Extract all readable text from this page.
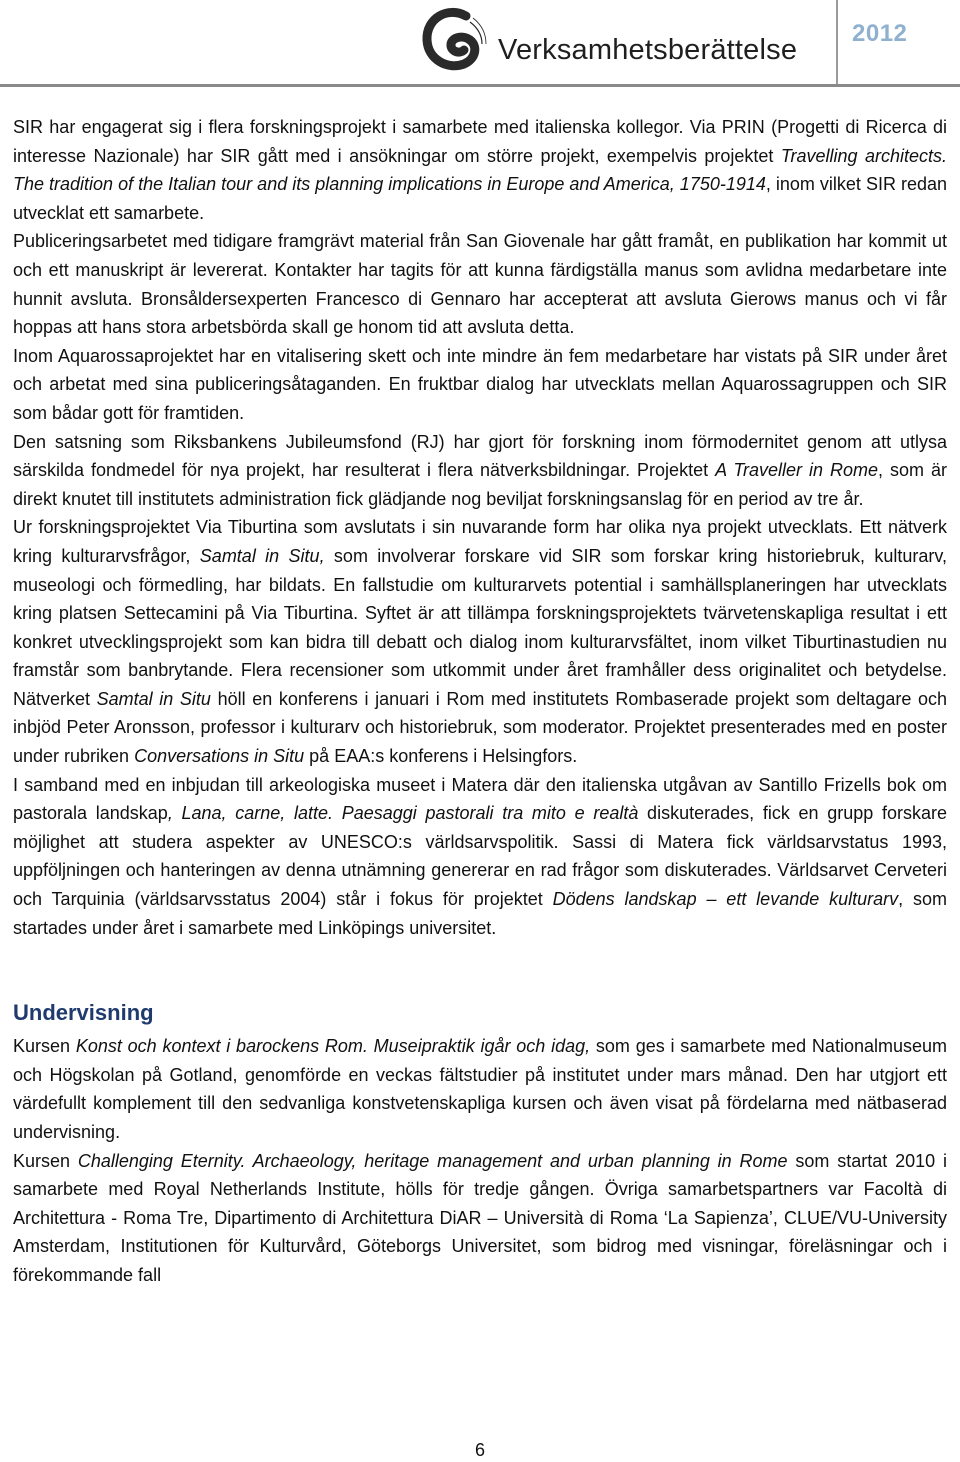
Verksamhetsberättelse
2012

SIR har engagerat sig i flera forskningsprojekt i samarbete med italienska kollegor. Via PRIN (Progetti di Ricerca di interesse Nazionale) har SIR gått med i ansökningar om större projekt, exempelvis projektet Travelling architects. The tradition of the Italian tour and its planning implications in Europe and America, 1750-1914, inom vilket SIR redan utvecklat ett samarbete.

Publiceringsarbetet med tidigare framgrävt material från San Giovenale har gått framåt, en publikation har kommit ut och ett manuskript är levererat. Kontakter har tagits för att kunna färdigställa manus som avlidna medarbetare inte hunnit avsluta. Bronsåldersexperten Francesco di Gennaro har accepterat att avsluta Gierows manus och vi får hoppas att hans stora arbetsbörda skall ge honom tid att avsluta detta.

Inom Aquarossaprojektet har en vitalisering skett och inte mindre än fem medarbetare har vistats på SIR under året och arbetat med sina publiceringsåtaganden. En fruktbar dialog har utvecklats mellan Aquarossagruppen och SIR som bådar gott för framtiden.

Den satsning som Riksbankens Jubileumsfond (RJ) har gjort för forskning inom förmodernitet genom att utlysa särskilda fondmedel för nya projekt, har resulterat i flera nätverksbildningar. Projektet A Traveller in Rome, som är direkt knutet till institutets administration fick glädjande nog beviljat forskningsanslag för en period av tre år.

Ur forskningsprojektet Via Tiburtina som avslutats i sin nuvarande form har olika nya projekt utvecklats. Ett nätverk kring kulturarvsfrågor, Samtal in Situ, som involverar forskare vid SIR som forskar kring historiebruk, kulturarv, museologi och förmedling, har bildats. En fallstudie om kulturarvets potential i samhällsplaneringen har utvecklats kring platsen Settecamini på Via Tiburtina. Syftet är att tillämpa forskningsprojektets tvärvetenskapliga resultat i ett konkret utvecklingsprojekt som kan bidra till debatt och dialog inom kulturarvsfältet, inom vilket Tiburtinastudien nu framstår som banbrytande. Flera recensioner som utkommit under året framhåller dess originalitet och betydelse. Nätverket Samtal in Situ höll en konferens i januari i Rom med institutets Rombaserade projekt som deltagare och inbjöd Peter Aronsson, professor i kulturarv och historiebruk, som moderator. Projektet presenterades med en poster under rubriken Conversations in Situ på EAA:s konferens i Helsingfors.

I samband med en inbjudan till arkeologiska museet i Matera där den italienska utgåvan av Santillo Frizells bok om pastorala landskap, Lana, carne, latte. Paesaggi pastorali tra mito e realtà diskuterades, fick en grupp forskare möjlighet att studera aspekter av UNESCO:s världsarvspolitik. Sassi di Matera fick världsarvstatus 1993, uppföljningen och hanteringen av denna utnämning genererar en rad frågor som diskuterades. Världsarvet Cerveteri och Tarquinia (världsarvsstatus 2004) står i fokus för projektet Dödens landskap – ett levande kulturarv, som startades under året i samarbete med Linköpings universitet.

Undervisning

Kursen Konst och kontext i barockens Rom. Museipraktik igår och idag, som ges i samarbete med Nationalmuseum och Högskolan på Gotland, genomförde en veckas fältstudier på institutet under mars månad. Den har utgjort ett värdefullt komplement till den sedvanliga konstvetenskapliga kursen och även visat på fördelarna med nätbaserad undervisning.

Kursen Challenging Eternity. Archaeology, heritage management and urban planning in Rome som startat 2010 i samarbete med Royal Netherlands Institute, hölls för tredje gången. Övriga samarbetspartners var Facoltà di Architettura - Roma Tre, Dipartimento di Architettura DiAR – Università di Roma ‘La Sapienza’, CLUE/VU-University Amsterdam, Institutionen för Kulturvård, Göteborgs Universitet, som bidrog med visningar, föreläsningar och i förekommande fall

6
